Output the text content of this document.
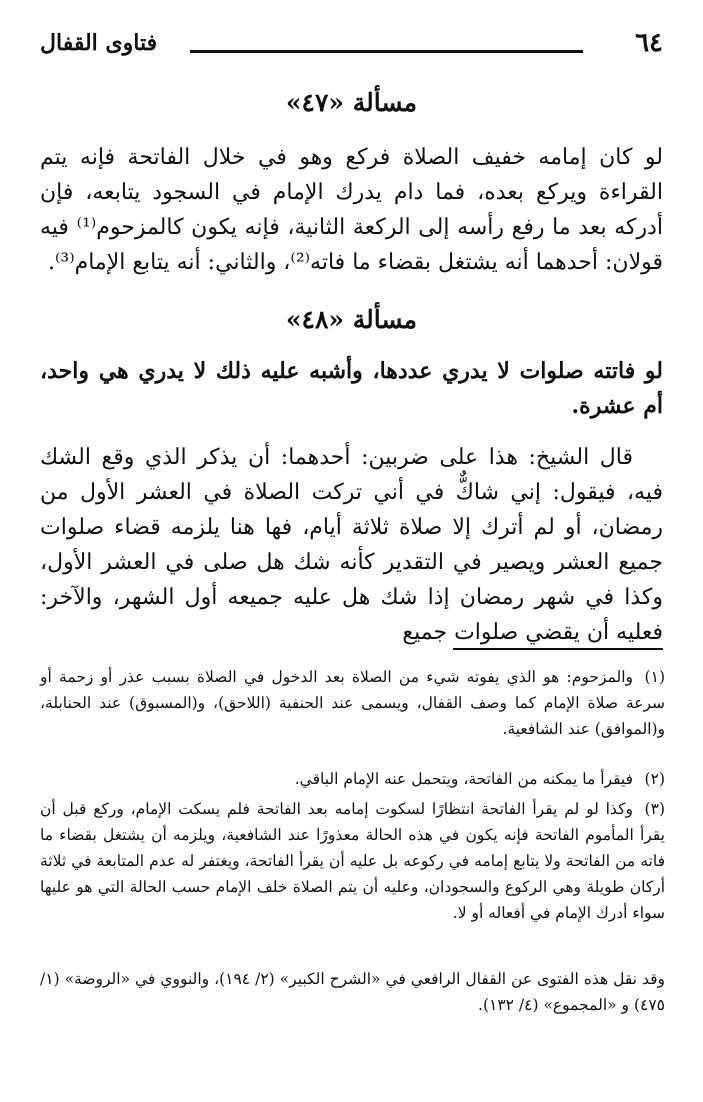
٦٤
فتاوى القفال
مسألة «٤٧»

لو كان إمامه خفيف الصلاة فركع وهو في خلال الفاتحة فإنه يتم القراءة ويركع بعده، فما دام يدرك الإمام في السجود يتابعه، فإن أدركه بعد ما رفع رأسه إلى الركعة الثانية، فإنه يكون كالمزحوم⁽¹⁾ فيه قولان: أحدهما أنه يشتغل بقضاء ما فاته⁽²⁾، والثاني: أنه يتابع الإمام⁽³⁾.

مسألة «٤٨»

لو فاتته صلوات لا يدري عددها، وأشبه عليه ذلك لا يدري هي واحد، أم عشرة.

قال الشيخ: هذا على ضربين: أحدهما: أن يذكر الذي وقع الشك فيه، فيقول: إني شاكٌّ في أني تركت الصلاة في العشر الأول من رمضان، أو لم أترك إلا صلاة ثلاثة أيام، فها هنا يلزمه قضاء صلوات جميع العشر ويصير في التقدير كأنه شك هل صلى في العشر الأول، وكذا في شهر رمضان إذا شك هل عليه جميعه أول الشهر، والآخر: فعليه أن يقضي صلوات جميع

(١)والمزحوم: هو الذي يفوته شيء من الصلاة بعد الدخول في الصلاة بسبب عذر أو زحمة أو سرعة صلاة الإمام كما وصف القفال، ويسمى عند الحنفية (اللاحق)، و(المسبوق) عند الحنابلة، و(الموافق) عند الشافعية.
(٢)فيقرأ ما يمكنه من الفاتحة، ويتحمل عنه الإمام الباقي.
(٣)وكذا لو لم يقرأ الفاتحة انتظارًا لسكوت إمامه بعد الفاتحة فلم يسكت الإمام، وركع قبل أن يقرأ المأموم الفاتحة فإنه يكون في هذه الحالة معذورًا عند الشافعية، ويلزمه أن يشتغل بقضاء ما فاته من الفاتحة ولا يتابع إمامه في ركوعه بل عليه أن يقرأ الفاتحة، ويغتفر له عدم المتابعة في ثلاثة أركان طويلة وهي الركوع والسجودان، وعليه أن يتم الصلاة خلف الإمام حسب الحالة التي هو عليها سواء أدرك الإمام في أفعاله أو لا.
وقد نقل هذه الفتوى عن القفال الرافعي في «الشرح الكبير» (٢/ ١٩٤)، والنووي في «الروضة» (١/ ٤٧٥) و «المجموع» (٤/ ١٣٢).
